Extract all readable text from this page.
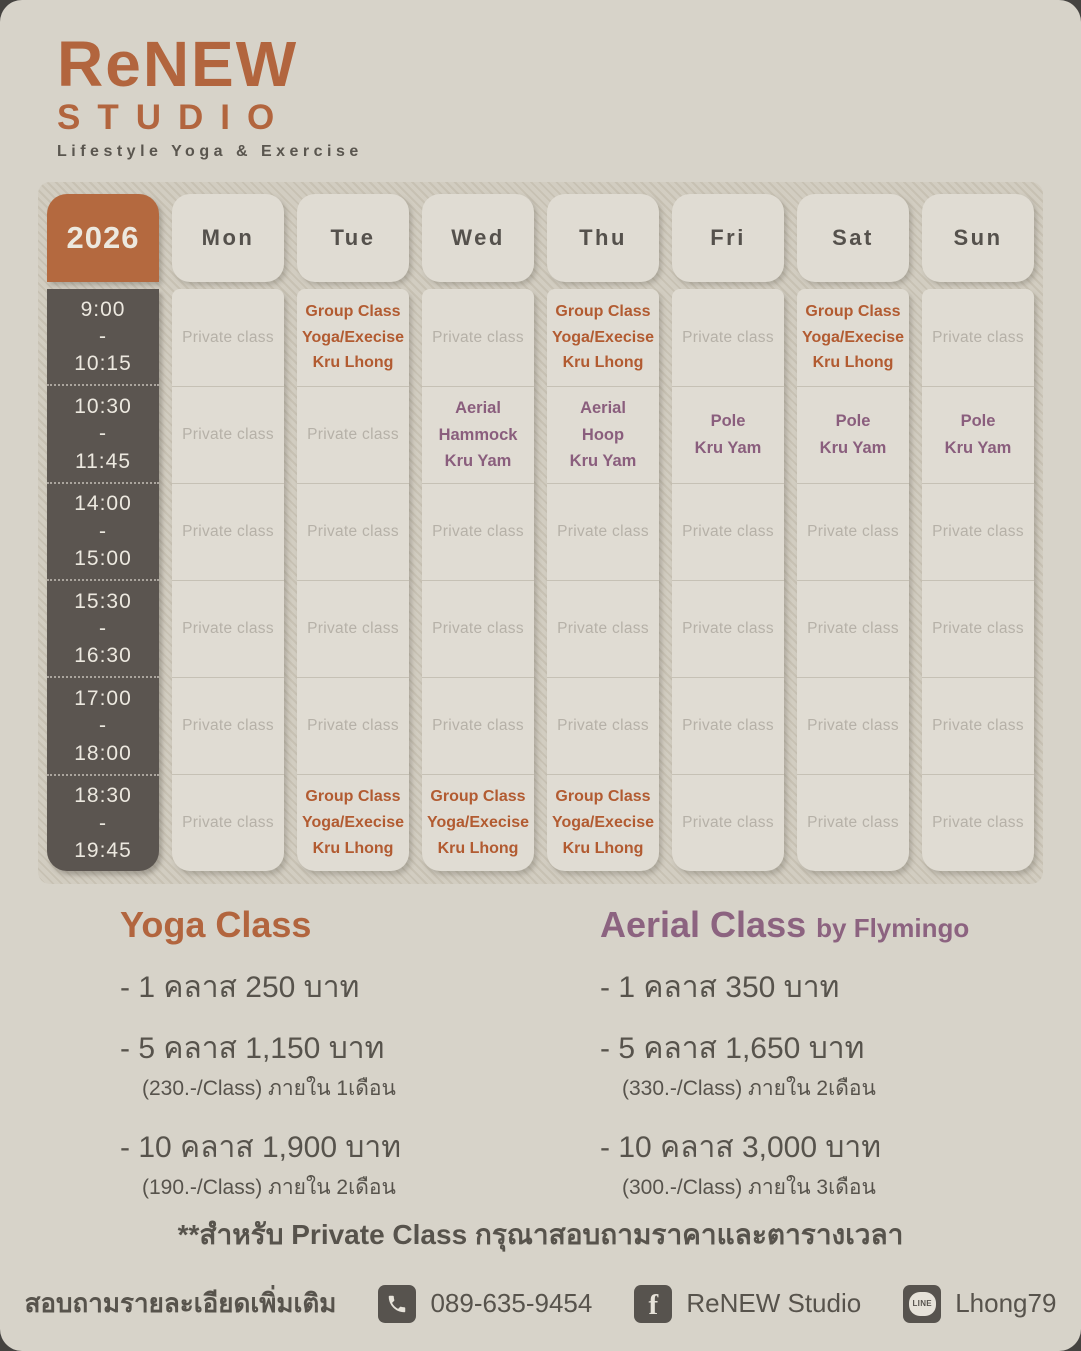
ReNEW
STUDIO
Lifestyle Yoga & Exercise
2026
9:00
-
10:15
10:30
-
11:45
14:00
-
15:00
15:30
-
16:30
17:00
-
18:00
18:30
-
19:45
Mon
Private class
Private class
Private class
Private class
Private class
Private class
Tue
Group Class
Yoga/Execise
Kru Lhong
Private class
Private class
Private class
Private class
Group Class
Yoga/Execise
Kru Lhong
Wed
Private class
Aerial
Hammock
Kru Yam
Private class
Private class
Private class
Group Class
Yoga/Execise
Kru Lhong
Thu
Group Class
Yoga/Execise
Kru Lhong
Aerial
Hoop
Kru Yam
Private class
Private class
Private class
Group Class
Yoga/Execise
Kru Lhong
Fri
Private class
Pole
Kru Yam
Private class
Private class
Private class
Private class
Sat
Group Class
Yoga/Execise
Kru Lhong
Pole
Kru Yam
Private class
Private class
Private class
Private class
Sun
Private class
Pole
Kru Yam
Private class
Private class
Private class
Private class
Yoga Class
- 1 คลาส 250 บาท
- 5 คลาส 1,150 บาท
(230.-/Class) ภายใน 1เดือน
- 10 คลาส 1,900 บาท
(190.-/Class) ภายใน 2เดือน
Aerial Class by Flymingo
- 1 คลาส 350 บาท
- 5 คลาส 1,650 บาท
(330.-/Class) ภายใน 2เดือน
- 10 คลาส 3,000 บาท
(300.-/Class) ภายใน 3เดือน
**สำหรับ Private Class กรุณาสอบถามราคาและตารางเวลา
สอบถามรายละเอียดเพิ่มเติม	089-635-9454 f ReNEW Studio	LINE Lhong79
